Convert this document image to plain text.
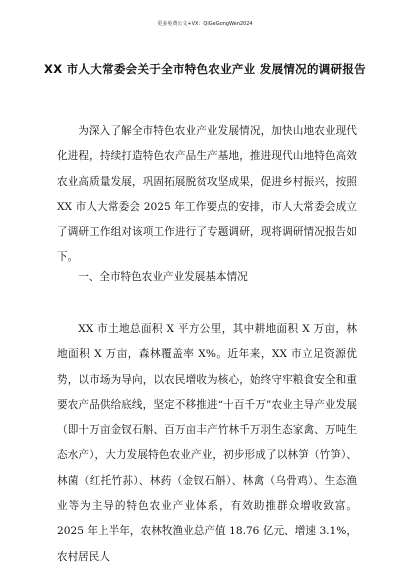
更多免费公文+VX：QiGeGongWen2024
XX 市人大常委会关于全市特色农业产业 发展情况的调研报告

为深入了解全市特色农业产业发展情况，加快山地农业现代化进程，持续打造特色农产品生产基地，推进现代山地特色高效农业高质量发展，巩固拓展脱贫攻坚成果，促进乡村振兴，按照 XX 市人大常委会 2025 年工作要点的安排，市人大常委会成立了调研工作组对该项工作进行了专题调研，现将调研情况报告如下。

一、全市特色农业产业发展基本情况

XX 市土地总面积 X 平方公里，其中耕地面积 X 万亩，林地面积 X 万亩，森林覆盖率 X%。近年来，XX 市立足资源优势，以市场为导向，以农民增收为核心，始终守牢粮食安全和重要农产品供给底线，坚定不移推进“十百千万”农业主导产业发展（即十万亩金钗石斛、百万亩丰产竹林千万羽生态家禽、万吨生态水产），大力发展特色农业产业，初步形成了以林笋（竹笋）、林菌（红托竹荪）、林药（金钗石斛）、林禽（乌骨鸡）、生态渔业等为主导的特色农业产业体系，有效助推群众增收致富。2025 年上半年，农林牧渔业总产值 18.76 亿元、增速 3.1%，农村居民人
